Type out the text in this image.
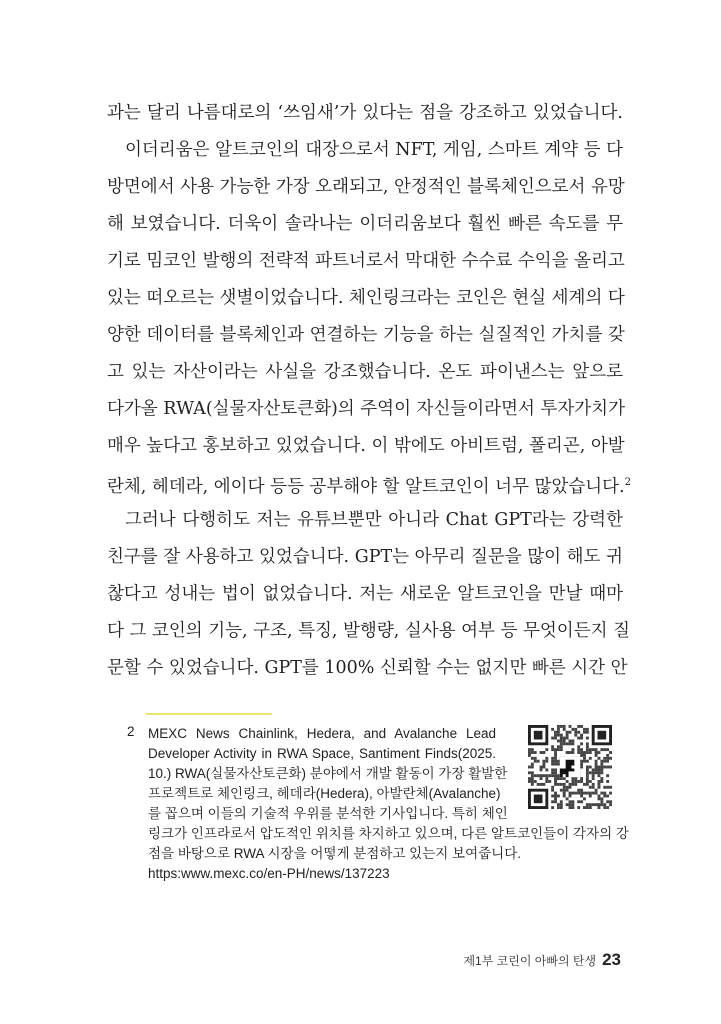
과는 달리 나름대로의 ‘쓰임새’가 있다는 점을 강조하고 있었습니다.
이더리움은 알트코인의 대장으로서 NFT, 게임, 스마트 계약 등 다
방면에서 사용 가능한 가장 오래되고, 안정적인 블록체인으로서 유망
해 보였습니다. 더욱이 솔라나는 이더리움보다 훨씬 빠른 속도를 무
기로 밈코인 발행의 전략적 파트너로서 막대한 수수료 수익을 올리고
있는 떠오르는 샛별이었습니다. 체인링크라는 코인은 현실 세계의 다
양한 데이터를 블록체인과 연결하는 기능을 하는 실질적인 가치를 갖
고 있는 자산이라는 사실을 강조했습니다. 온도 파이낸스는 앞으로
다가올 RWA(실물자산토큰화)의 주역이 자신들이라면서 투자가치가
매우 높다고 홍보하고 있었습니다. 이 밖에도 아비트럼, 폴리곤, 아발
란체, 헤데라, 에이다 등등 공부해야 할 알트코인이 너무 많았습니다.$^2$
그러나 다행히도 저는 유튜브뿐만 아니라 Chat GPT라는 강력한
친구를 잘 사용하고 있었습니다. GPT는 아무리 질문을 많이 해도 귀
찮다고 성내는 법이 없었습니다. 저는 새로운 알트코인을 만날 때마
다 그 코인의 기능, 구조, 특징, 발행량, 실사용 여부 등 무엇이든지 질
문할 수 있었습니다. GPT를 100% 신뢰할 수는 없지만 빠른 시간 안
2 MEXC News Chainlink, Hedera, and Avalanche Lead
Developer Activity in RWA Space, Santiment Finds(2025.
10.) RWA(실물자산토큰화) 분야에서 개발 활동이 가장 활발한
프로젝트로 체인링크, 헤데라(Hedera), 아발란체(Avalanche)
를 꼽으며 이들의 기술적 우위를 분석한 기사입니다. 특히 체인
링크가 인프라로서 압도적인 위치를 차지하고 있으며, 다른 알트코인들이 각자의 강
점을 바탕으로 RWA 시장을 어떻게 분점하고 있는지 보여줍니다.
https:www.mexc.co/en-PH/news/137223
제1부 코린이 아빠의 탄생 23
